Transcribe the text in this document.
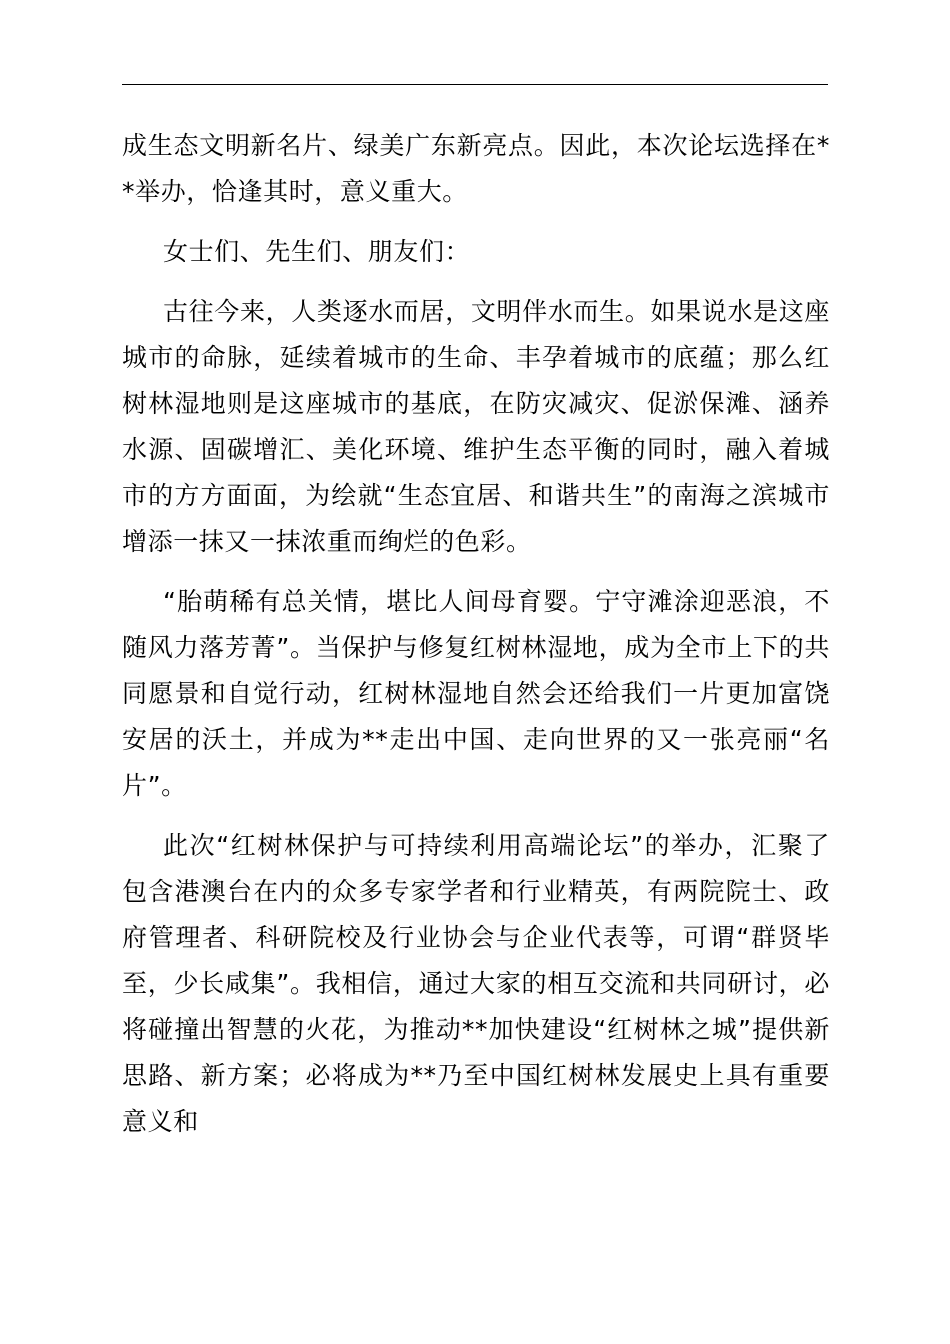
成生态文明新名片、绿美广东新亮点。因此，本次论坛选择在**举办，恰逢其时，意义重大。

女士们、先生们、朋友们：

古往今来，人类逐水而居，文明伴水而生。如果说水是这座城市的命脉，延续着城市的生命、丰孕着城市的底蕴；那么红树林湿地则是这座城市的基底，在防灾减灾、促淤保滩、涵养水源、固碳增汇、美化环境、维护生态平衡的同时，融入着城市的方方面面，为绘就“生态宜居、和谐共生”的南海之滨城市增添一抹又一抹浓重而绚烂的色彩。

“胎萌稀有总关情，堪比人间母育婴。宁守滩涂迎恶浪，不随风力落芳菁”。当保护与修复红树林湿地，成为全市上下的共同愿景和自觉行动，红树林湿地自然会还给我们一片更加富饶安居的沃土，并成为**走出中国、走向世界的又一张亮丽“名片”。

此次“红树林保护与可持续利用高端论坛”的举办，汇聚了包含港澳台在内的众多专家学者和行业精英，有两院院士、政府管理者、科研院校及行业协会与企业代表等，可谓“群贤毕至，少长咸集”。我相信，通过大家的相互交流和共同研讨，必将碰撞出智慧的火花，为推动**加快建设“红树林之城”提供新思路、新方案；必将成为**乃至中国红树林发展史上具有重要意义和
